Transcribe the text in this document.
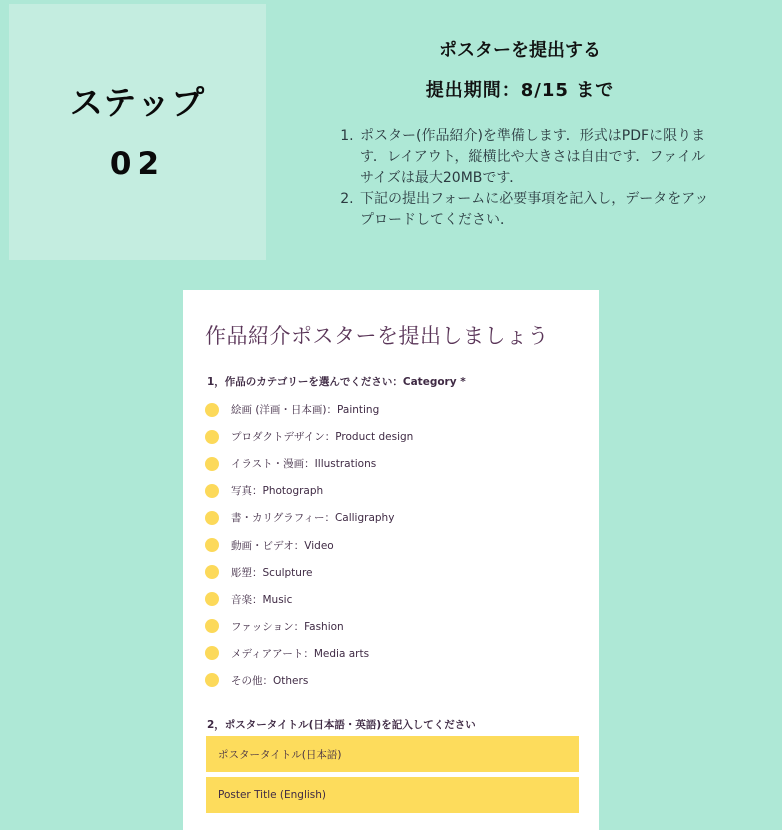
ステップ
02
ポスターを提出する
提出期間：8/15 まで
1. ポスター(作品紹介)を準備します．形式はPDFに限ります．レイアウト，縦横比や大きさは自由です．ファイルサイズは最大20MBです．
2. 下記の提出フォームに必要事項を記入し，データをアップロードしてください．
作品紹介ポスターを提出しましょう
1，作品のカテゴリーを選んでください：Category *
絵画 (洋画・日本画)：Painting
プロダクトデザイン：Product design
イラスト・漫画：Illustrations
写真：Photograph
書・カリグラフィー：Calligraphy
動画・ビデオ：Video
彫塑：Sculpture
音楽：Music
ファッション：Fashion
メディアアート：Media arts
その他：Others
2，ポスタータイトル(日本語・英語)を記入してください
ポスタータイトル(日本語)
Poster Title (English)
